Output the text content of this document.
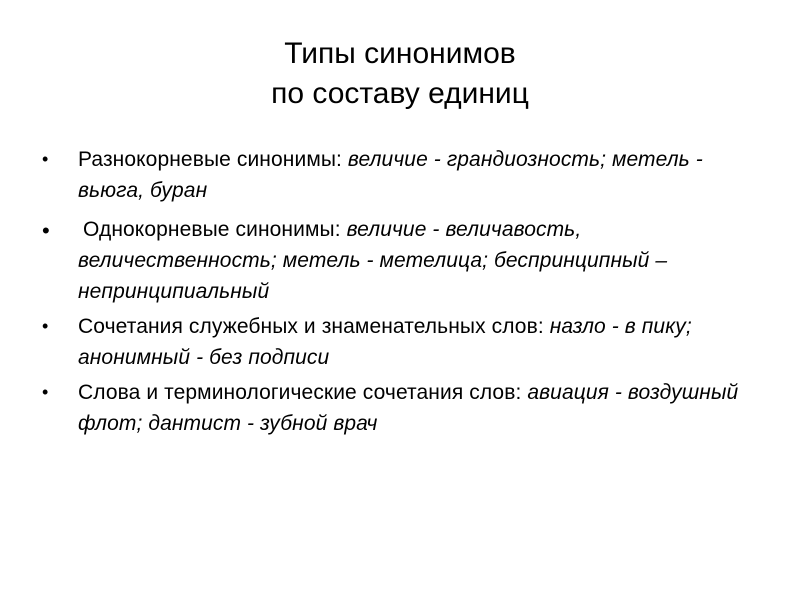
Типы синонимов
по составу единиц
• Разнокорневые синонимы: величие - грандиозность; метель - вьюга, буран
• Однокорневые синонимы: величие - величавость, величественность; метель - метелица; беспринципный – непринципиальный
• Сочетания служебных и знаменательных слов: назло - в пику; анонимный - без подписи
• Слова и терминологические сочетания слов: авиация - воздушный флот; дантист - зубной врач
